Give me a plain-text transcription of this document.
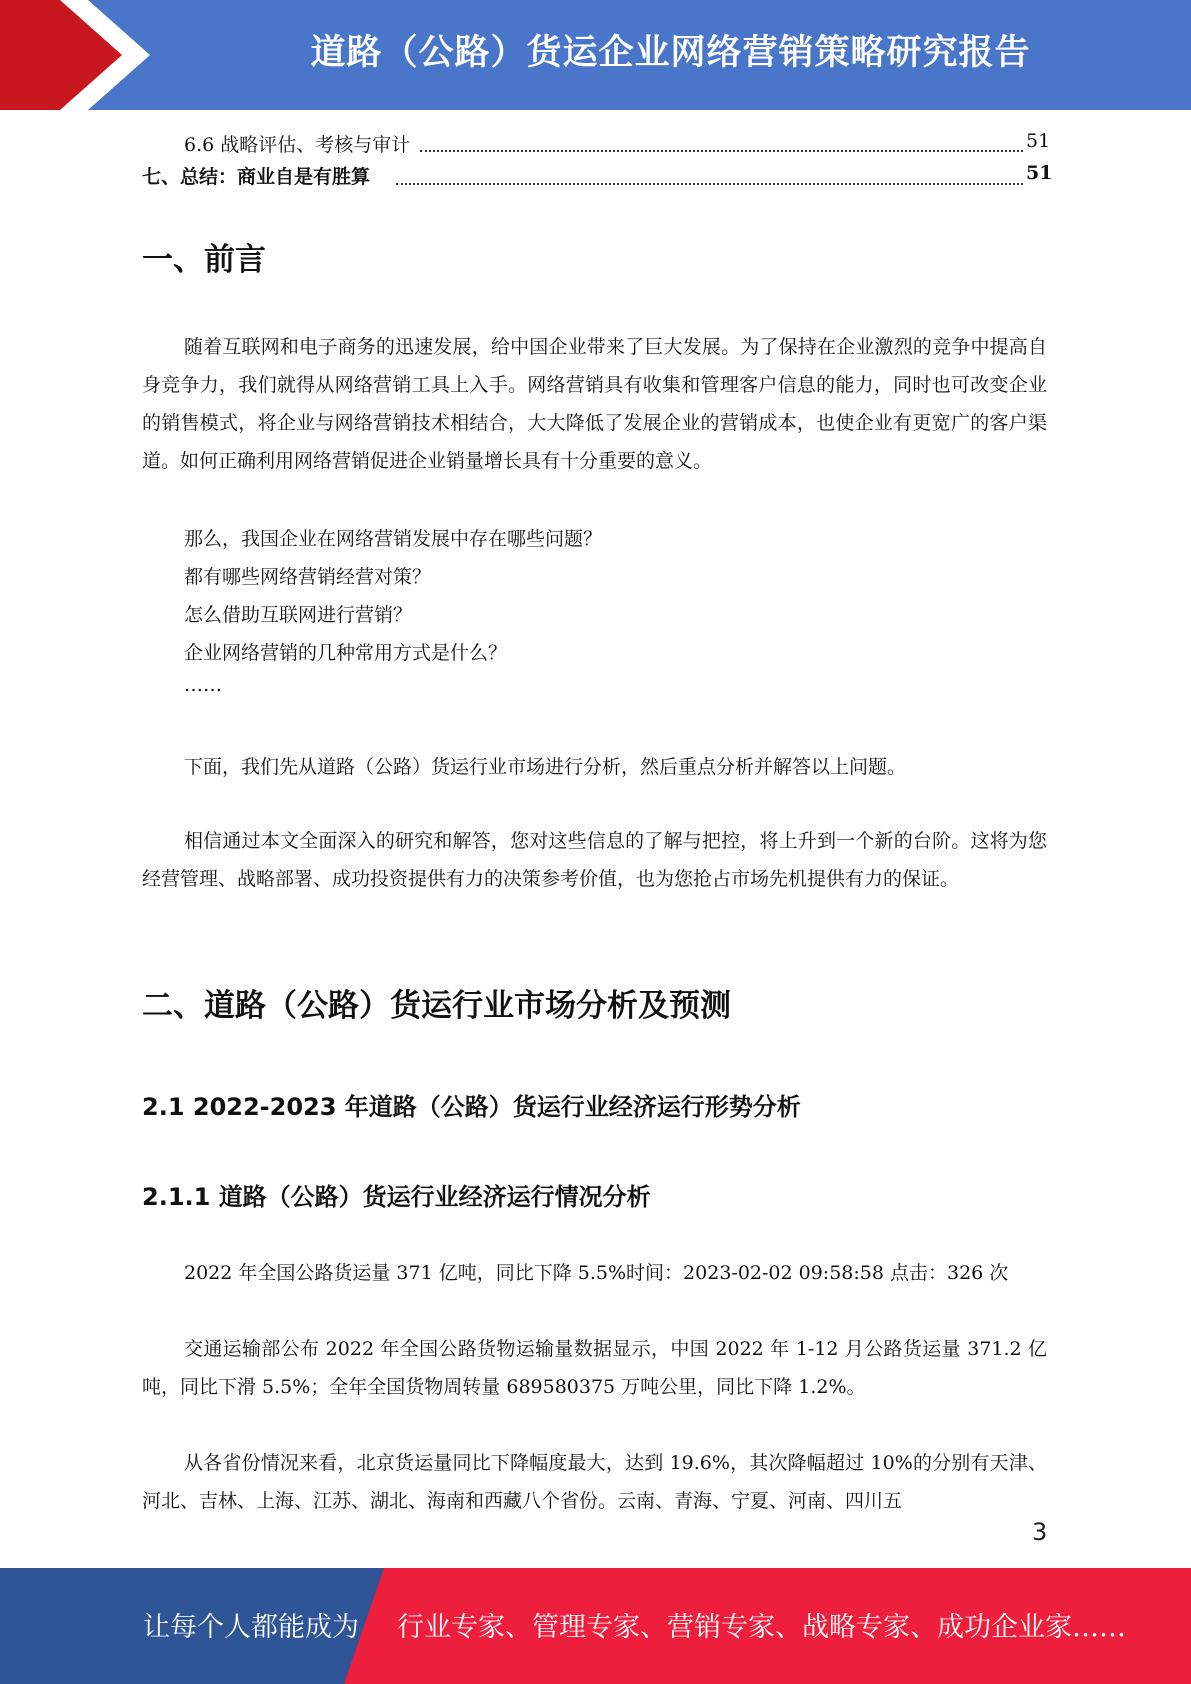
道路（公路）货运企业网络营销策略研究报告
6.6 战略评估、考核与审计	51
七、总结：商业自是有胜算	51
一、前言

随着互联网和电子商务的迅速发展，给中国企业带来了巨大发展。为了保持在企业激烈的竞争中提高自身竞争力，我们就得从网络营销工具上入手。网络营销具有收集和管理客户信息的能力，同时也可改变企业的销售模式，将企业与网络营销技术相结合，大大降低了发展企业的营销成本，也使企业有更宽广的客户渠道。如何正确利用网络营销促进企业销量增长具有十分重要的意义。

那么，我国企业在网络营销发展中存在哪些问题？
都有哪些网络营销经营对策？
怎么借助互联网进行营销？
企业网络营销的几种常用方式是什么？
……

下面，我们先从道路（公路）货运行业市场进行分析，然后重点分析并解答以上问题。

相信通过本文全面深入的研究和解答，您对这些信息的了解与把控，将上升到一个新的台阶。这将为您经营管理、战略部署、成功投资提供有力的决策参考价值，也为您抢占市场先机提供有力的保证。

二、道路（公路）货运行业市场分析及预测
2.1 2022-2023 年道路（公路）货运行业经济运行形势分析
2.1.1 道路（公路）货运行业经济运行情况分析

2022 年全国公路货运量 371 亿吨，同比下降 5.5%时间：2023-02-02 09:58:58 点击：326 次

交通运输部公布 2022 年全国公路货物运输量数据显示，中国 2022 年 1-12 月公路货运量 371.2 亿吨，同比下滑 5.5%；全年全国货物周转量 689580375 万吨公里，同比下降 1.2%。

从各省份情况来看，北京货运量同比下降幅度最大，达到 19.6%，其次降幅超过 10%的分别有天津、河北、吉林、上海、江苏、湖北、海南和西藏八个省份。云南、青海、宁夏、河南、四川五

3
让每个人都能成为 行业专家、管理专家、营销专家、战略专家、成功企业家……
